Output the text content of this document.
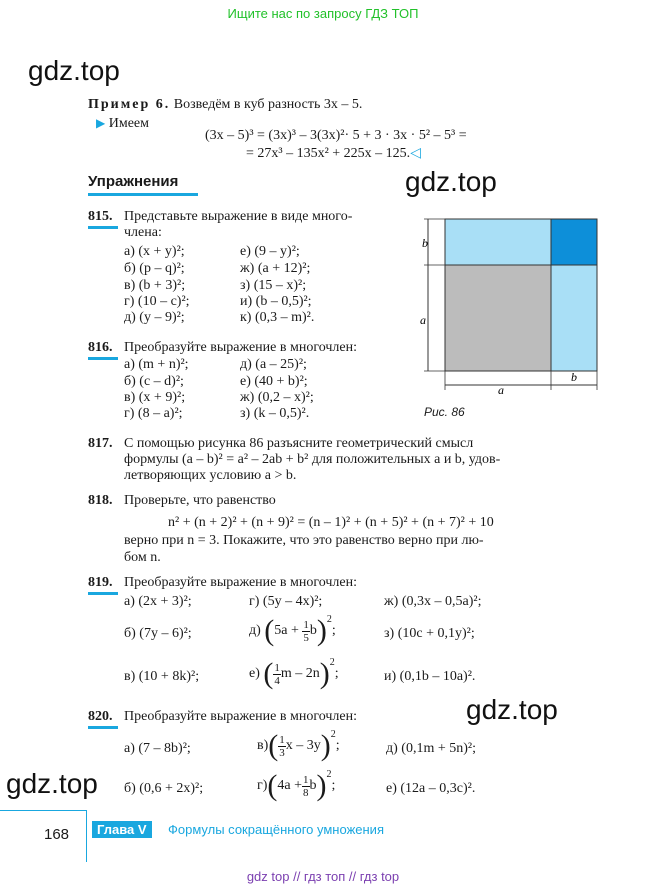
Ищите нас по запросу ГДЗ ТОП
gdz.top
gdz.top
gdz.top
gdz.top
Пример 6. Возведём в куб разность 3x – 5.
▶ Имеем
(3x – 5)³ = (3x)³ – 3(3x)²· 5 + 3 · 3x · 5² – 5³ =
= 27x³ – 135x² + 225x – 125.◁
Упражнения
815. Представьте выражение в виде много-
члена:
а) (x + y)²;	е) (9 – y)²;
б) (p – q)²;	ж) (a + 12)²;
в) (b + 3)²;	з) (15 – x)²;
г) (10 – c)²;	и) (b – 0,5)²;
д) (y – 9)²;	к) (0,3 – m)².
816. Преобразуйте выражение в многочлен:
а) (m + n)²;	д) (a – 25)²;
б) (c – d)²;	е) (40 + b)²;
в) (x + 9)²;	ж) (0,2 – x)²;
г) (8 – a)²;	з) (k – 0,5)².
b
a
a
b
Рис. 86
817. С помощью рисунка 86 разъясните геометрический смысл
формулы (a – b)² = a² – 2ab + b² для положительных a и b, удов-
летворяющих условию a > b.
818. Проверьте, что равенство
n² + (n + 2)² + (n + 9)² = (n – 1)² + (n + 5)² + (n + 7)² + 10
верно при n = 3. Покажите, что это равенство верно при лю-
бом n.
819. Преобразуйте выражение в многочлен:
а) (2x + 3)²;	г) (5y – 4x)²;	ж) (0,3x – 0,5a)²;
б) (7y – 6)²;	д) $(5a + \frac{1}{5} b)^2$;	з) (10c + 0,1y)²;
в) (10 + 8k)²;	е) ( $\frac{1}{4}$ m – 2n)$^2$;	и) (0,1b – 10a)².
820. Преобразуйте выражение в многочлен:
а) (7 – 8b)²;	$в)( \frac{1}{3}$ x – 3y)$^2$;	д) (0,1m + 5n)²;
б) (0,6 + 2x)²;	$г)(4a + \frac{1}{8} b)^2$;	е) (12a – 0,3c)².
168	Глава V	Формулы сокращённого умножения
gdz top // гдз топ // гдз top
